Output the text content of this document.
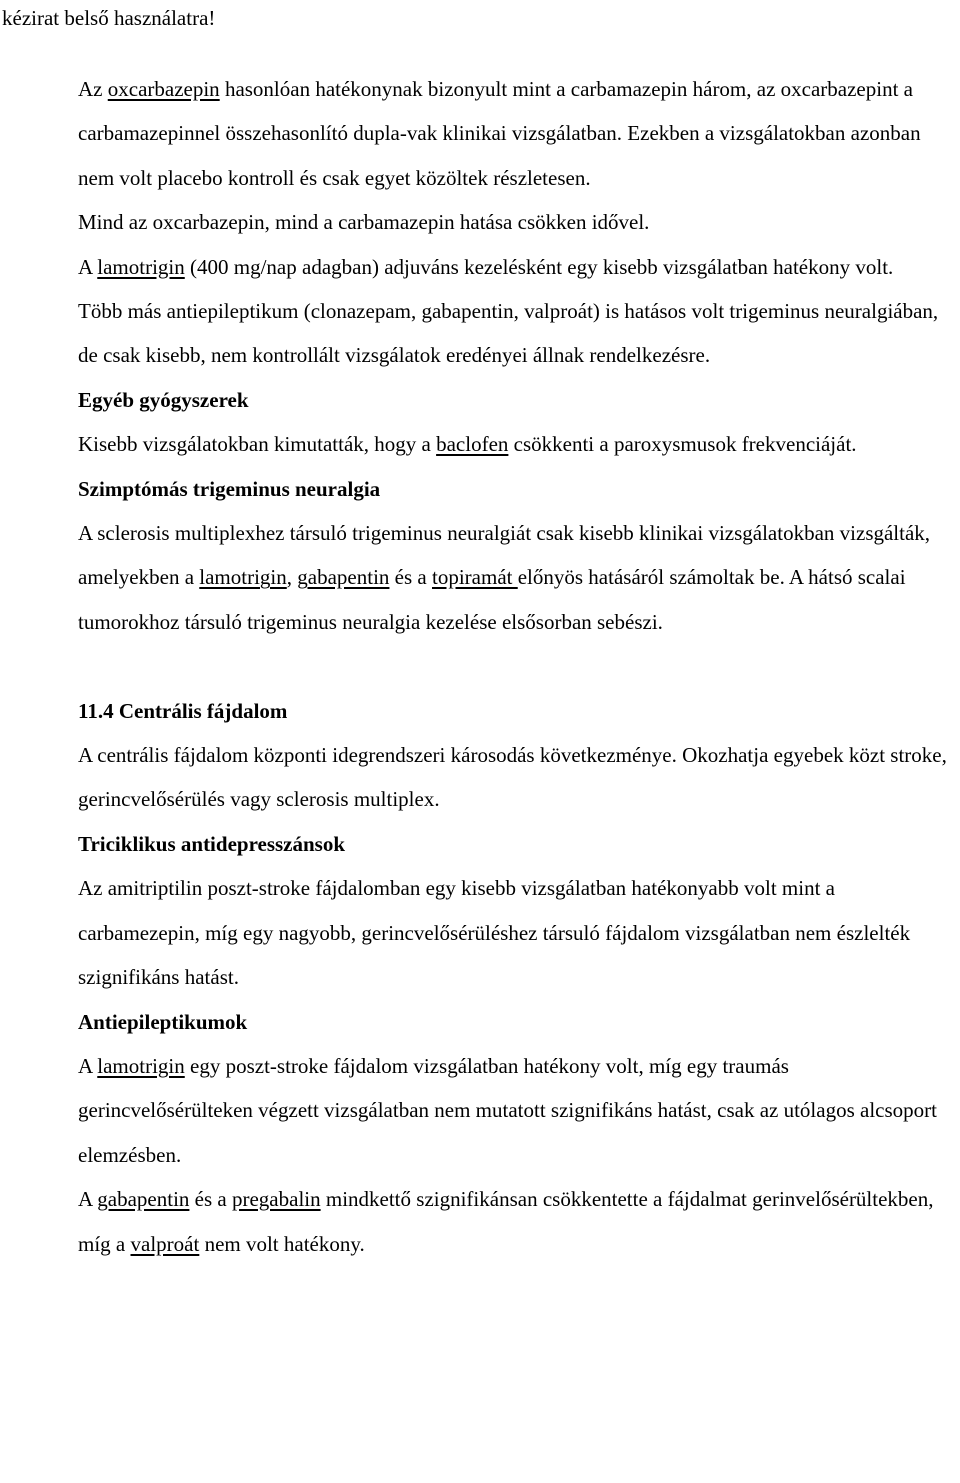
kézirat belső használatra!

Az oxcarbazepin hasonlóan hatékonynak bizonyult mint a carbamazepin három, az oxcarbazepint a carbamazepinnel összehasonlító dupla-vak klinikai vizsgálatban. Ezekben a vizsgálatokban azonban nem volt placebo kontroll és csak egyet közöltek részletesen.

Mind az oxcarbazepin, mind a carbamazepin hatása csökken idővel.

A lamotrigin (400 mg/nap adagban) adjuváns kezelésként egy kisebb vizsgálatban hatékony volt.

Több más antiepileptikum (clonazepam, gabapentin, valproát) is hatásos volt trigeminus neuralgiában, de csak kisebb, nem kontrollált vizsgálatok eredényei állnak rendelkezésre.

Egyéb gyógyszerek

Kisebb vizsgálatokban kimutatták, hogy a baclofen csökkenti a paroxysmusok frekvenciáját.

Szimptómás trigeminus neuralgia

A sclerosis multiplexhez társuló trigeminus neuralgiát csak kisebb klinikai vizsgálatokban vizsgálták, amelyekben a lamotrigin, gabapentin és a topiramát előnyös hatásáról számoltak be. A hátsó scalai tumorokhoz társuló trigeminus neuralgia kezelése elsősorban sebészi.

11.4 Centrális fájdalom

A centrális fájdalom központi idegrendszeri károsodás következménye. Okozhatja egyebek közt stroke, gerincvelősérülés vagy sclerosis multiplex.

Triciklikus antidepresszánsok

Az amitriptilin poszt-stroke fájdalomban egy kisebb vizsgálatban hatékonyabb volt mint a carbamezepin, míg egy nagyobb, gerincvelősérüléshez társuló fájdalom vizsgálatban nem észlelték szignifikáns hatást.

Antiepileptikumok

A lamotrigin egy poszt-stroke fájdalom vizsgálatban hatékony volt, míg egy traumás gerincvelősérülteken végzett vizsgálatban nem mutatott szignifikáns hatást, csak az utólagos alcsoport elemzésben.

A gabapentin és a pregabalin mindkettő szignifikánsan csökkentette a fájdalmat gerinvelősérültekben, míg a valproát nem volt hatékony.
